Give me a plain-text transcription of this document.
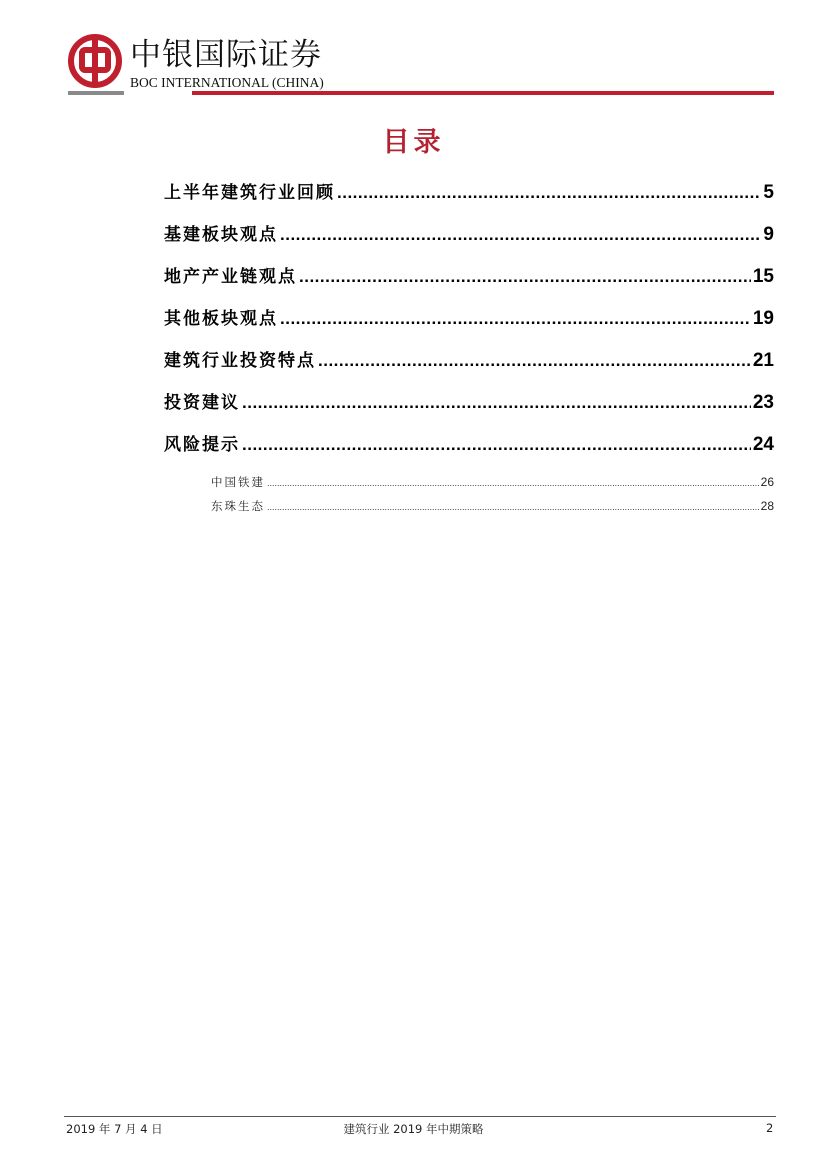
中银国际证券
BOC INTERNATIONAL (CHINA)
目录
上半年建筑行业回顾 .....	5
基建板块观点 .....	9
地产产业链观点 .....	15
其他板块观点 .....	19
建筑行业投资特点 .....	21
投资建议 .....	23
风险提示 .....	24
中国铁建 .....	26
东珠生态 .....	28
2019 年 7 月 4 日	建筑行业 2019 年中期策略	2
